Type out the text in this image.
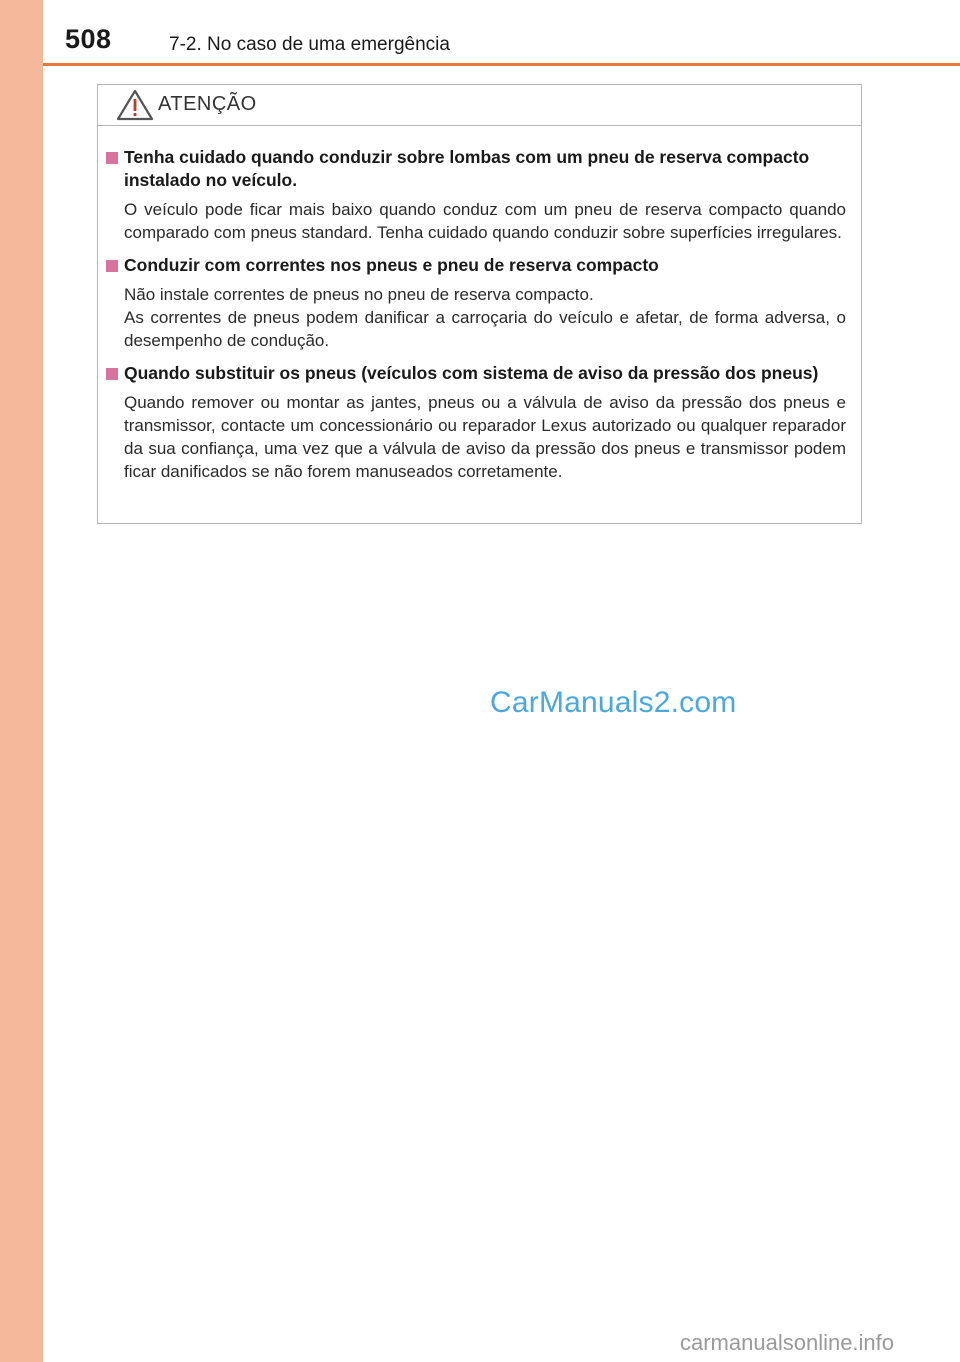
508	7-2. No caso de uma emergência
ATENÇÃO
Tenha cuidado quando conduzir sobre lombas com um pneu de reserva compacto instalado no veículo.

O veículo pode ficar mais baixo quando conduz com um pneu de reserva compacto quando comparado com pneus standard. Tenha cuidado quando conduzir sobre superfícies irregulares.

Conduzir com correntes nos pneus e pneu de reserva compacto

Não instale correntes de pneus no pneu de reserva compacto.

As correntes de pneus podem danificar a carroçaria do veículo e afetar, de forma adversa, o desempenho de condução.

Quando substituir os pneus (veículos com sistema de aviso da pressão dos pneus)

Quando remover ou montar as jantes, pneus ou a válvula de aviso da pressão dos pneus e transmissor, contacte um concessionário ou reparador Lexus autorizado ou qualquer reparador da sua confiança, uma vez que a válvula de aviso da pressão dos pneus e transmissor podem ficar danificados se não forem manuseados corretamente.

CarManuals2.com
carmanualsonline.info
